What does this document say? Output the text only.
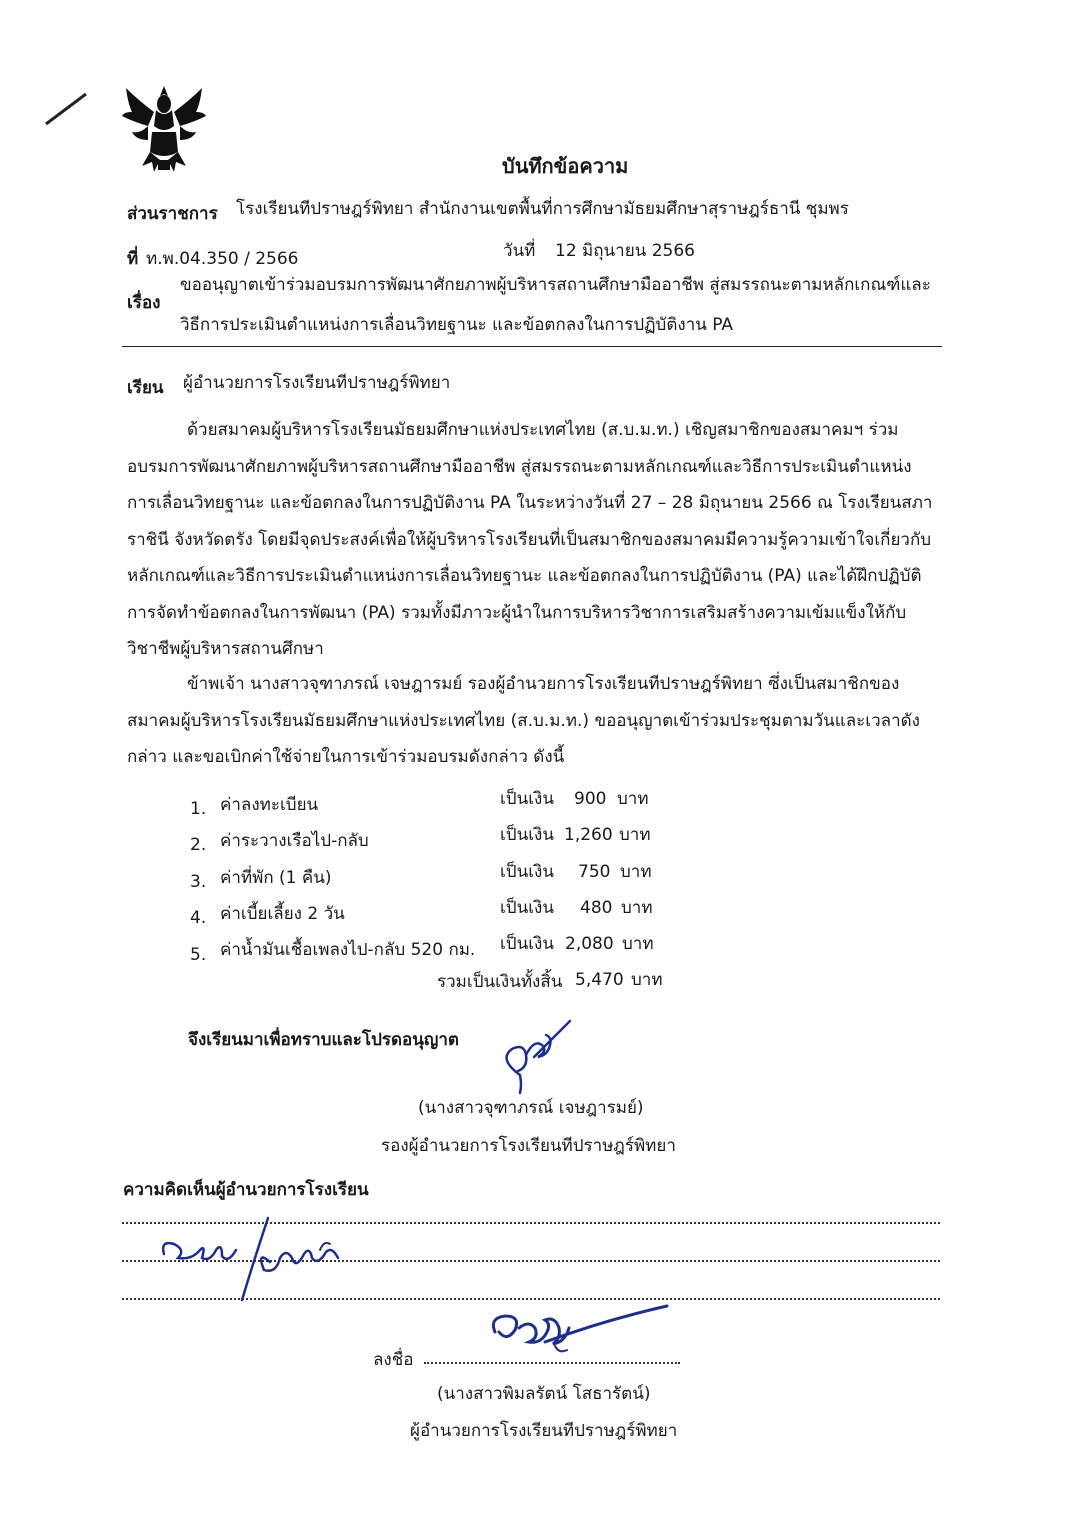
บันทึกข้อความ
ส่วนราชการ โรงเรียนทีปราษฎร์พิทยา สำนักงานเขตพื้นที่การศึกษามัธยมศึกษาสุราษฎร์ธานี ชุมพร
ที่ ท.พ.04.350 / 2566	วันที่ 12 มิถุนายน 2566
เรื่อง
ขออนุญาตเข้าร่วมอบรมการพัฒนาศักยภาพผู้บริหารสถานศึกษามืออาชีพ สู่สมรรถนะตามหลักเกณฑ์และ
วิธีการประเมินตำแหน่งการเลื่อนวิทยฐานะ และข้อตกลงในการปฏิบัติงาน PA
เรียน ผู้อำนวยการโรงเรียนทีปราษฎร์พิทยา
ด้วยสมาคมผู้บริหารโรงเรียนมัธยมศึกษาแห่งประเทศไทย (ส.บ.ม.ท.) เชิญสมาชิกของสมาคมฯ ร่วมอบรมการพัฒนาศักยภาพผู้บริหารสถานศึกษามืออาชีพ สู่สมรรถนะตามหลักเกณฑ์และวิธีการประเมินตำแหน่งการเลื่อนวิทยฐานะ และข้อตกลงในการปฏิบัติงาน PA ในระหว่างวันที่ 27 – 28 มิถุนายน 2566 ณ โรงเรียนสภาราชินี จังหวัดตรัง โดยมีจุดประสงค์เพื่อให้ผู้บริหารโรงเรียนที่เป็นสมาชิกของสมาคมมีความรู้ความเข้าใจเกี่ยวกับหลักเกณฑ์และวิธีการประเมินตำแหน่งการเลื่อนวิทยฐานะ และข้อตกลงในการปฏิบัติงาน (PA) และได้ฝึกปฏิบัติการจัดทำข้อตกลงในการพัฒนา (PA) รวมทั้งมีภาวะผู้นำในการบริหารวิชาการเสริมสร้างความเข้มแข็งให้กับวิชาชีพผู้บริหารสถานศึกษา
ข้าพเจ้า นางสาวจุฑาภรณ์ เจษฎารมย์ รองผู้อำนวยการโรงเรียนทีปราษฎร์พิทยา ซึ่งเป็นสมาชิกของสมาคมผู้บริหารโรงเรียนมัธยมศึกษาแห่งประเทศไทย (ส.บ.ม.ท.) ขออนุญาตเข้าร่วมประชุมตามวันและเวลาดังกล่าว และขอเบิกค่าใช้จ่ายในการเข้าร่วมอบรมดังกล่าว ดังนี้
1. ค่าลงทะเบียน	เป็นเงิน 900 บาท
2. ค่าระวางเรือไป-กลับ	เป็นเงิน 1,260 บาท
3. ค่าที่พัก (1 คืน)	เป็นเงิน 750 บาท
4. ค่าเบี้ยเลี้ยง 2 วัน	เป็นเงิน 480 บาท
5. ค่าน้ำมันเชื้อเพลงไป-กลับ 520 กม. เป็นเงิน 2,080 บาท
รวมเป็นเงินทั้งสิ้น 5,470 บาท
จึงเรียนมาเพื่อทราบและโปรดอนุญาต
(นางสาวจุฑาภรณ์ เจษฎารมย์)
รองผู้อำนวยการโรงเรียนทีปราษฎร์พิทยา
ความคิดเห็นผู้อำนวยการโรงเรียน
ลงชื่อ
(นางสาวพิมลรัตน์ โสธารัตน์)
ผู้อำนวยการโรงเรียนทีปราษฎร์พิทยา
